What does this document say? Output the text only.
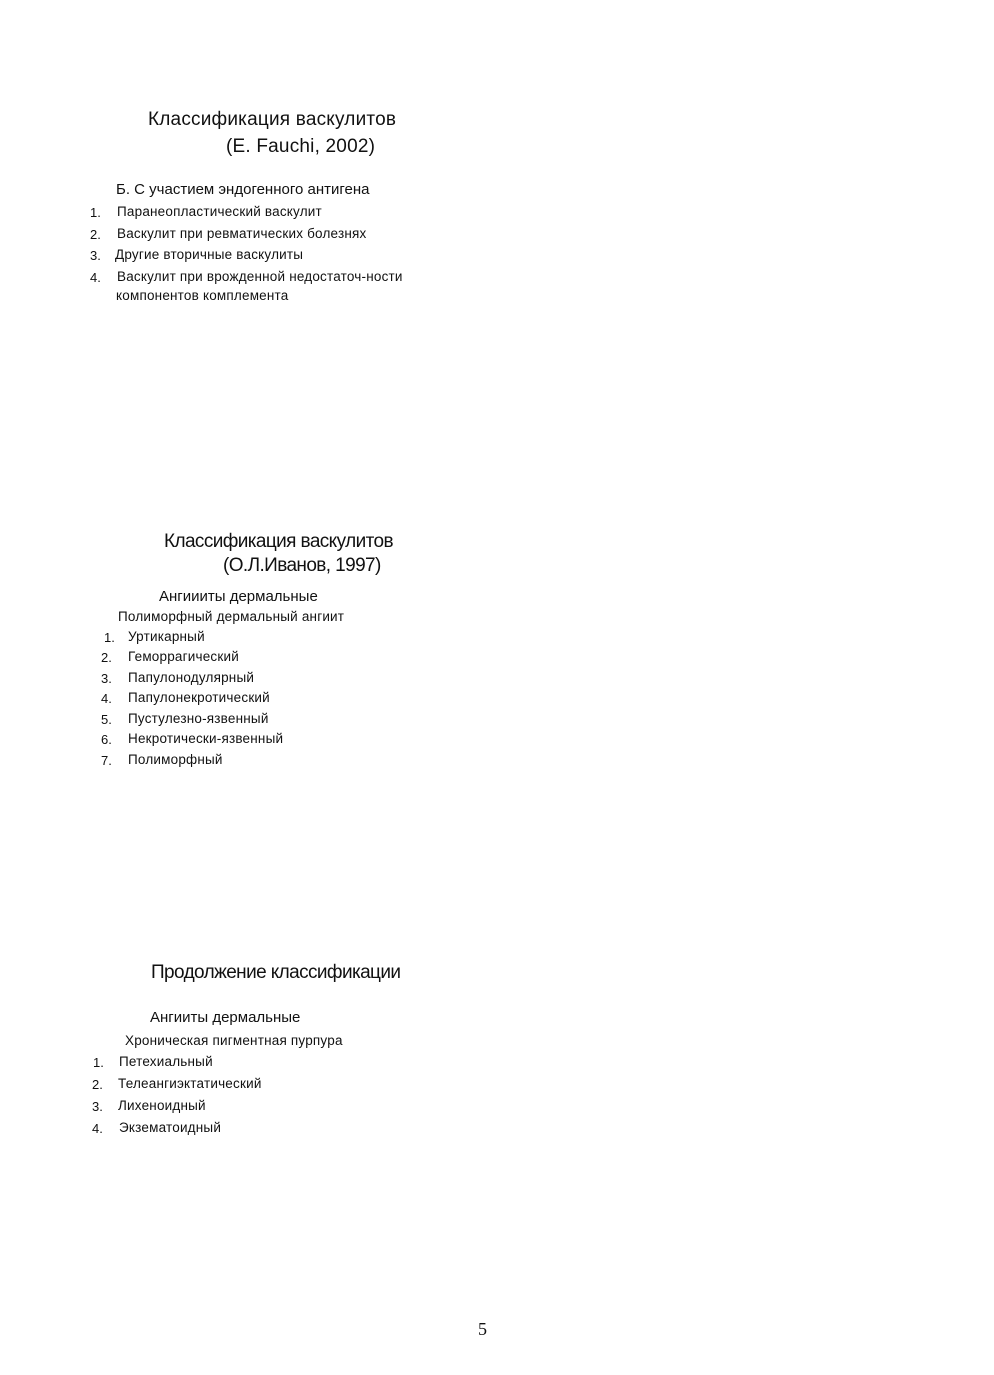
Классификация васкулитов
(E. Fauchi, 2002)
Б. С участием эндогенного антигена
1. Паранеопластический васкулит
2. Васкулит при ревматических болезнях
3. Другие вторичные васкулиты
4. Васкулит при врожденной недостаточ-ности
компонентов комплемента
Классификация васкулитов
(О.Л.Иванов, 1997)
Ангиииты дермальные
Полиморфный дермальный ангиит
1. Уртикарный
2. Геморрагический
3. Папулонодулярный
4. Папулонекротический
5. Пустулезно-язвенный
6. Некротически-язвенный
7. Полиморфный
Продолжение классификации
Ангииты дермальные
Хроническая пигментная пурпура
1. Петехиальный
2. Телеангиэктатический
3. Лихеноидный
4. Экзематоидный
5
